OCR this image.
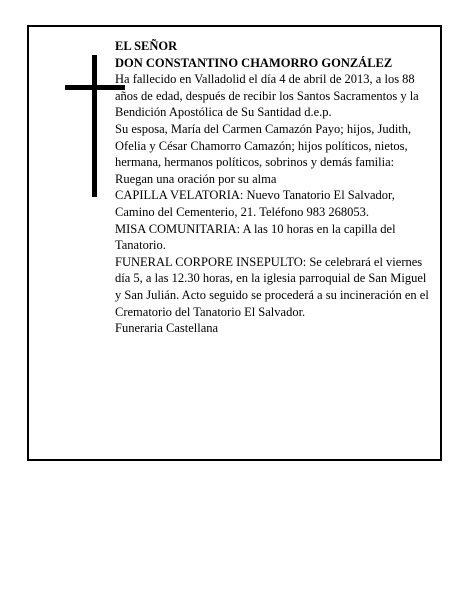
EL SEÑOR

DON CONSTANTINO CHAMORRO GONZÁLEZ

Ha fallecido en Valladolid el día 4 de abril de 2013, a los 88 años de edad, después de recibir los Santos Sacramentos y la Bendición Apostólica de Su Santidad d.e.p.

Su esposa, María del Carmen Camazón Payo; hijos, Judith, Ofelia y César Chamorro Camazón; hijos políticos, nietos, hermana, hermanos políticos, sobrinos y demás familia:

Ruegan una oración por su alma

CAPILLA VELATORIA: Nuevo Tanatorio El Salvador, Camino del Cementerio, 21. Teléfono 983 268053.

MISA COMUNITARIA: A las 10 horas en la capilla del Tanatorio.

FUNERAL CORPORE INSEPULTO: Se celebrará el viernes día 5, a las 12.30 horas, en la iglesia parroquial de San Miguel y San Julián. Acto seguido se procederá a su incineración en el Crematorio del Tanatorio El Salvador.

Funeraria Castellana
